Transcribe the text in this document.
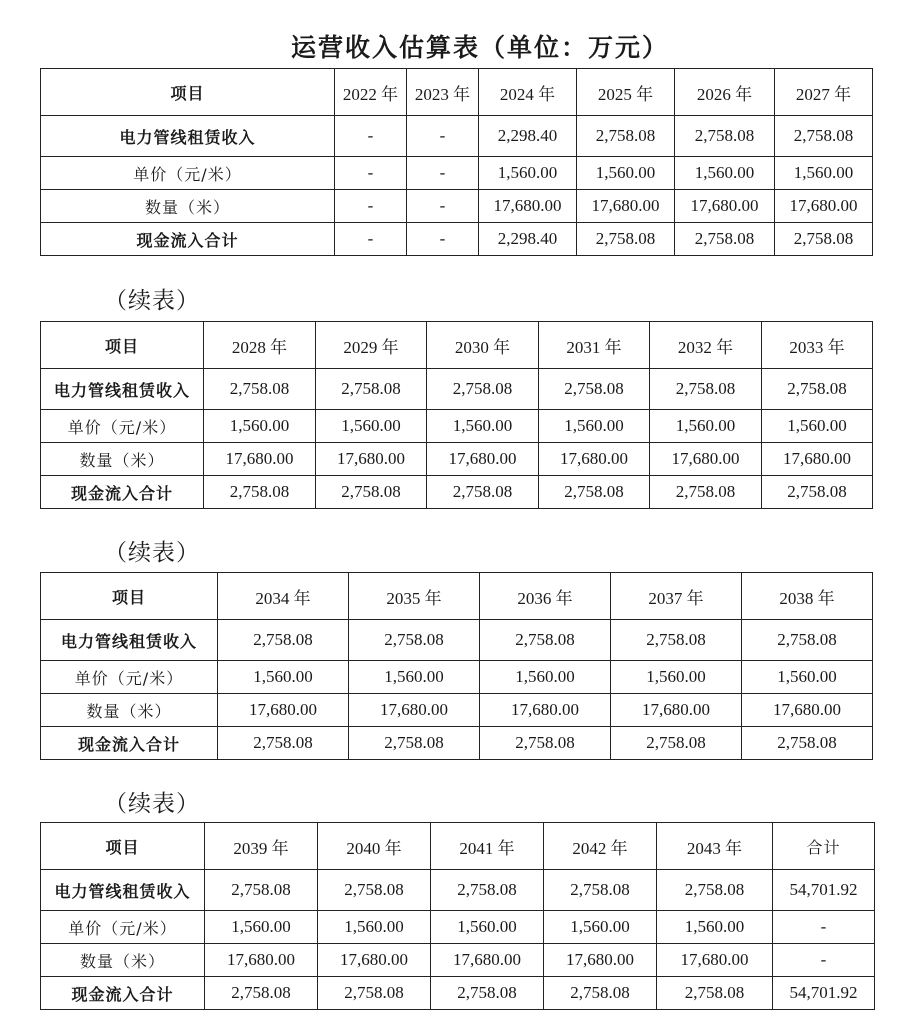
运营收入估算表（单位：万元）
项目	2022 年	2023 年	2024 年	2025 年	2026 年	2027 年
电力管线租赁收入	-	-	2,298.40	2,758.08	2,758.08	2,758.08
单价（元/米）	-	-	1,560.00	1,560.00	1,560.00	1,560.00
数量（米）	-	-	17,680.00	17,680.00	17,680.00	17,680.00
现金流入合计	-	-	2,298.40	2,758.08	2,758.08	2,758.08
（续表）
项目	2028 年	2029 年	2030 年	2031 年	2032 年	2033 年
电力管线租赁收入	2,758.08	2,758.08	2,758.08	2,758.08	2,758.08	2,758.08
单价（元/米）	1,560.00	1,560.00	1,560.00	1,560.00	1,560.00	1,560.00
数量（米）	17,680.00	17,680.00	17,680.00	17,680.00	17,680.00	17,680.00
现金流入合计	2,758.08	2,758.08	2,758.08	2,758.08	2,758.08	2,758.08
（续表）
项目	2034 年	2035 年	2036 年	2037 年	2038 年
电力管线租赁收入	2,758.08	2,758.08	2,758.08	2,758.08	2,758.08
单价（元/米）	1,560.00	1,560.00	1,560.00	1,560.00	1,560.00
数量（米）	17,680.00	17,680.00	17,680.00	17,680.00	17,680.00
现金流入合计	2,758.08	2,758.08	2,758.08	2,758.08	2,758.08
（续表）
项目	2039 年	2040 年	2041 年	2042 年	2043 年	合计
电力管线租赁收入	2,758.08	2,758.08	2,758.08	2,758.08	2,758.08	54,701.92
单价（元/米）	1,560.00	1,560.00	1,560.00	1,560.00	1,560.00	-
数量（米）	17,680.00	17,680.00	17,680.00	17,680.00	17,680.00	-
现金流入合计	2,758.08	2,758.08	2,758.08	2,758.08	2,758.08	54,701.92
